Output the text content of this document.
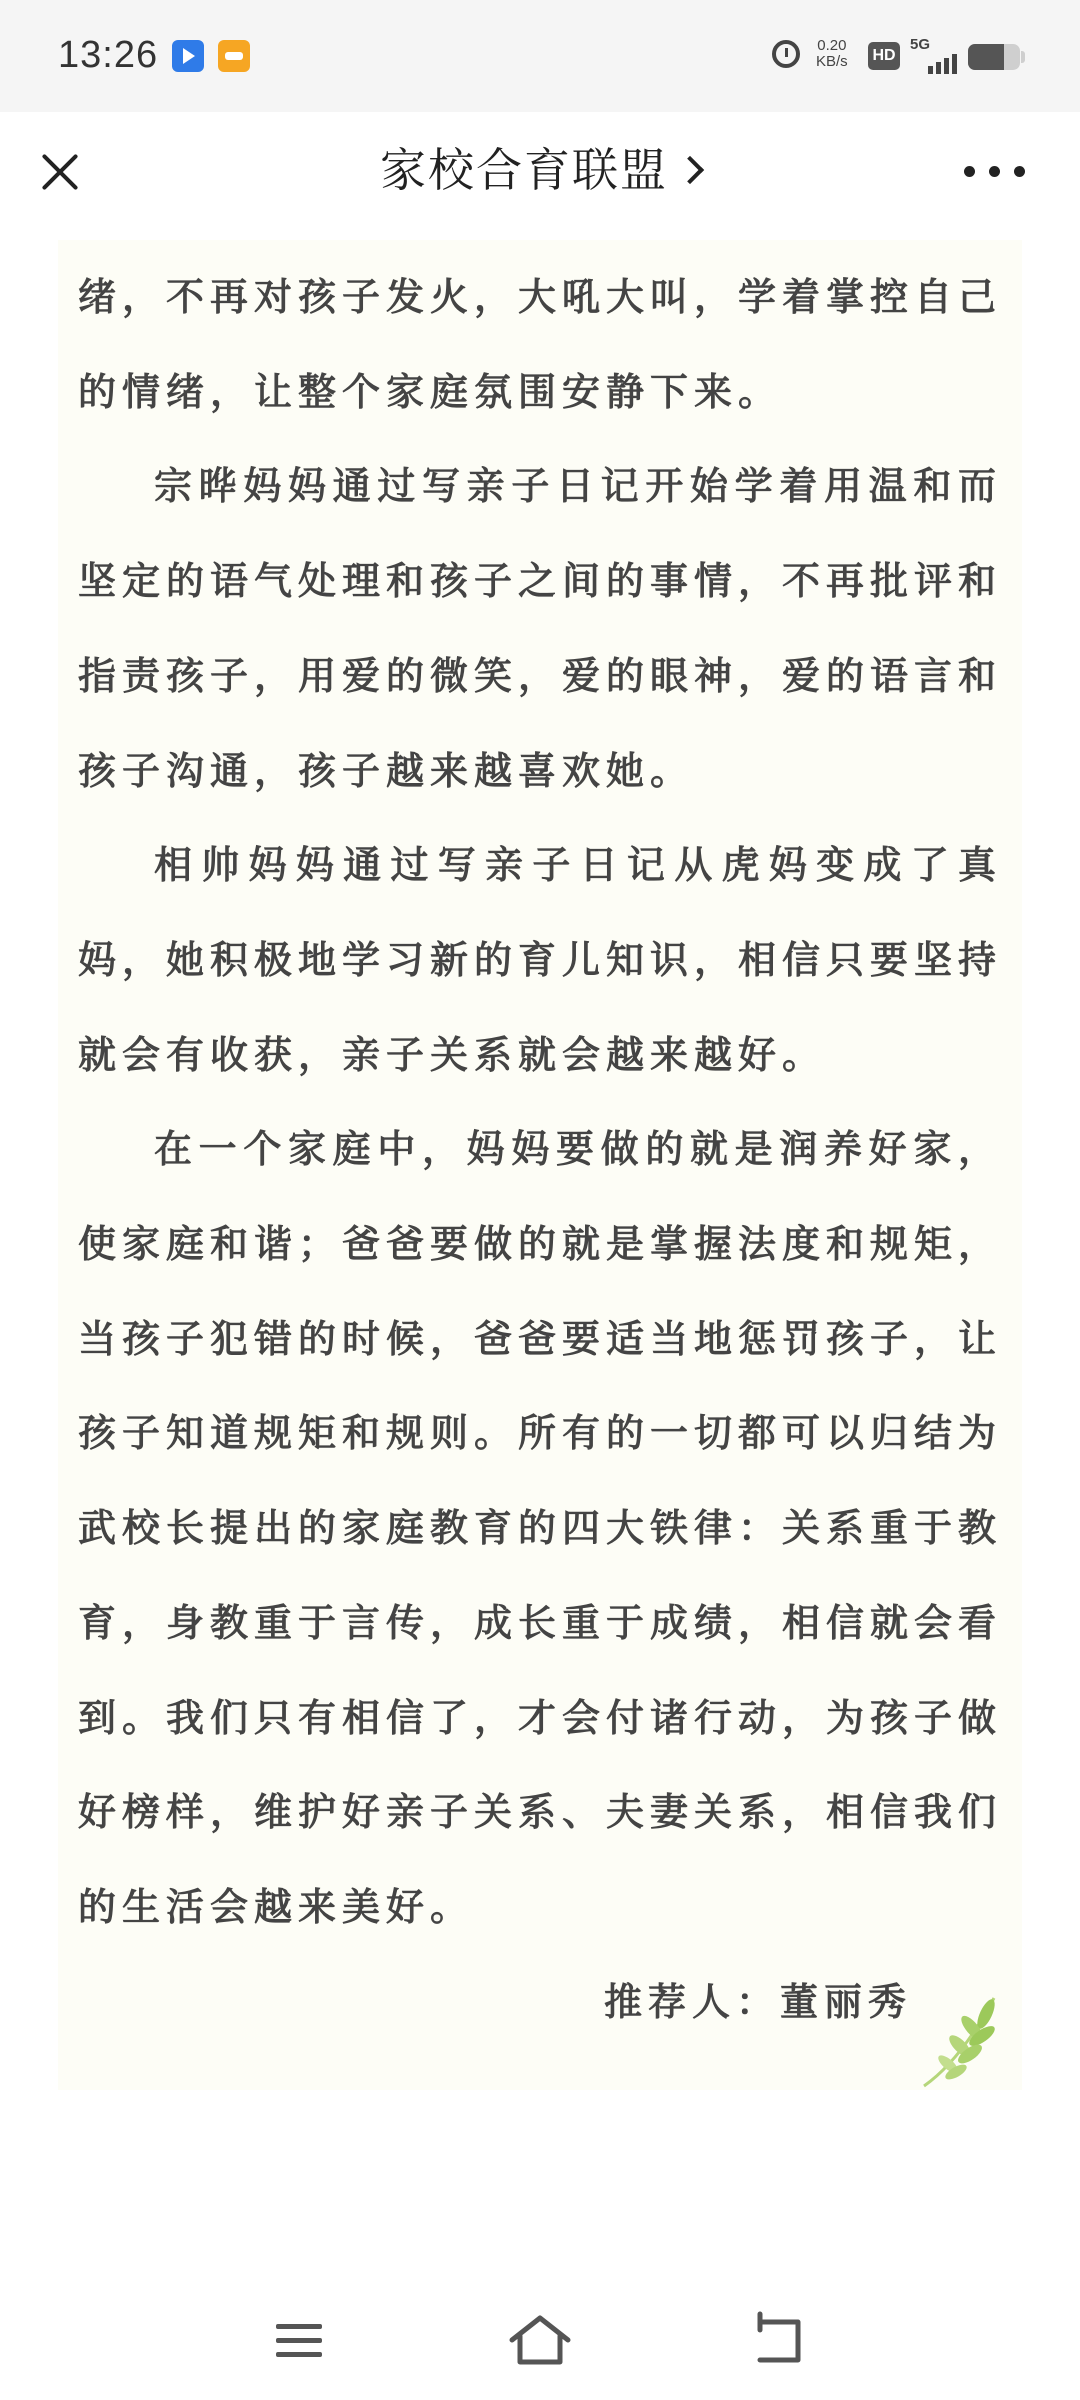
13:26	0.20
KB/s HD
5G
家校合育联盟

绪，不再对孩子发火，大吼大叫，学着掌控自己的情绪，让整个家庭氛围安静下来。

宗晔妈妈通过写亲子日记开始学着用温和而坚定的语气处理和孩子之间的事情，不再批评和指责孩子，用爱的微笑，爱的眼神，爱的语言和孩子沟通，孩子越来越喜欢她。

相帅妈妈通过写亲子日记从虎妈变成了真妈，她积极地学习新的育儿知识，相信只要坚持就会有收获，亲子关系就会越来越好。

在一个家庭中，妈妈要做的就是润养好家，使家庭和谐；爸爸要做的就是掌握法度和规矩，当孩子犯错的时候，爸爸要适当地惩罚孩子，让孩子知道规矩和规则。所有的一切都可以归结为武校长提出的家庭教育的四大铁律：关系重于教育，身教重于言传，成长重于成绩，相信就会看到。我们只有相信了，才会付诸行动，为孩子做好榜样，维护好亲子关系、夫妻关系，相信我们的生活会越来美好。

推荐人：董丽秀
